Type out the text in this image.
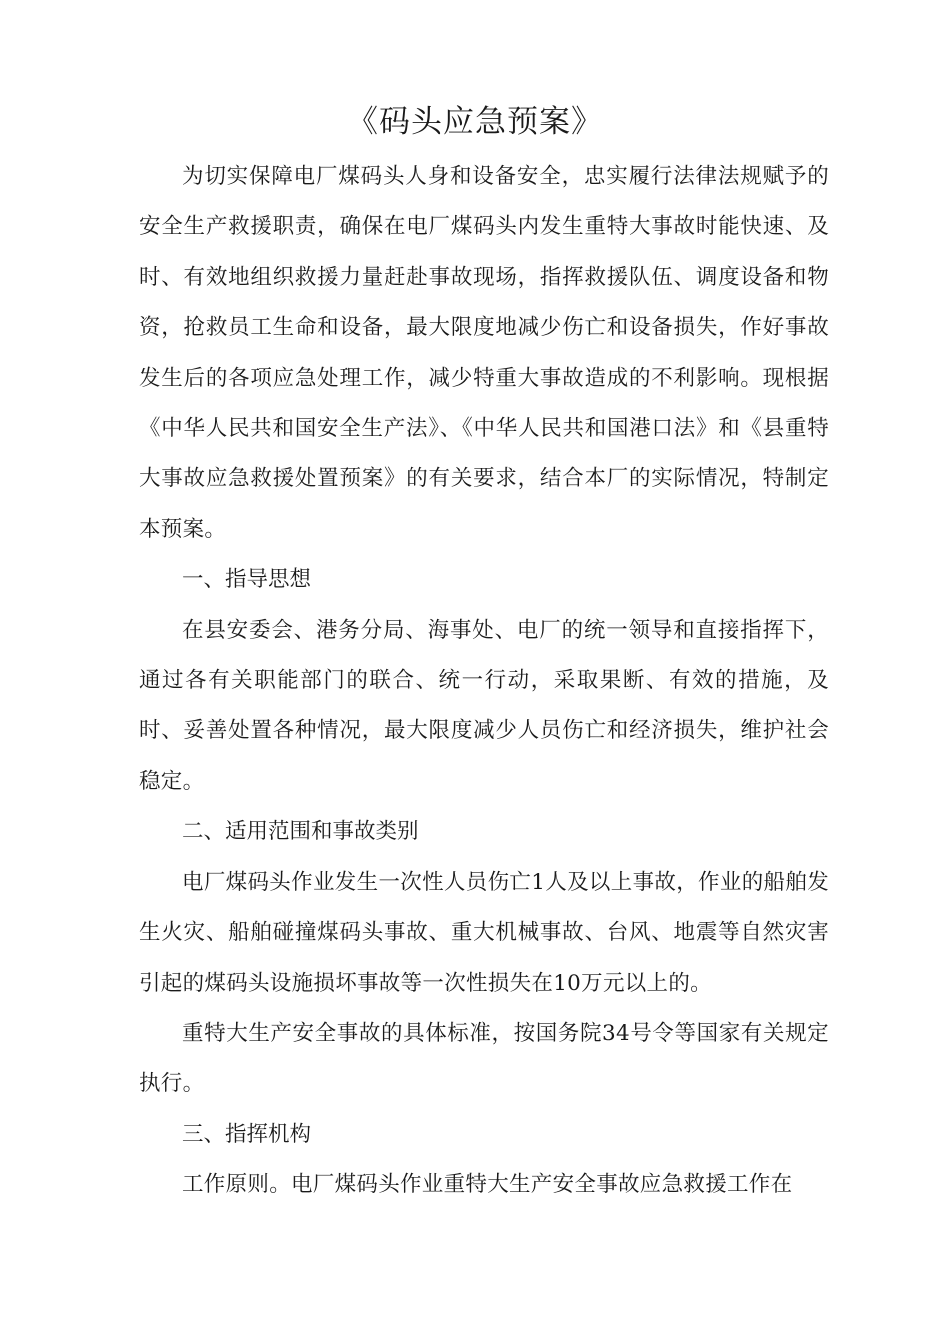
《码头应急预案》

为切实保障电厂煤码头人身和设备安全，忠实履行法律法规赋予的安全生产救援职责，确保在电厂煤码头内发生重特大事故时能快速、及时、有效地组织救援力量赶赴事故现场，指挥救援队伍、调度设备和物资，抢救员工生命和设备，最大限度地减少伤亡和设备损失，作好事故发生后的各项应急处理工作，减少特重大事故造成的不利影响。现根据《中华人民共和国安全生产法》、《中华人民共和国港口法》和《县重特大事故应急救援处置预案》的有关要求，结合本厂的实际情况，特制定本预案。

一、指导思想

在县安委会、港务分局、海事处、电厂的统一领导和直接指挥下，通过各有关职能部门的联合、统一行动，采取果断、有效的措施，及时、妥善处置各种情况，最大限度减少人员伤亡和经济损失，维护社会稳定。

二、适用范围和事故类别

电厂煤码头作业发生一次性人员伤亡1人及以上事故，作业的船舶发生火灾、船舶碰撞煤码头事故、重大机械事故、台风、地震等自然灾害引起的煤码头设施损坏事故等一次性损失在10万元以上的。

重特大生产安全事故的具体标准，按国务院34号令等国家有关规定执行。

三、指挥机构

工作原则。电厂煤码头作业重特大生产安全事故应急救援工作在
